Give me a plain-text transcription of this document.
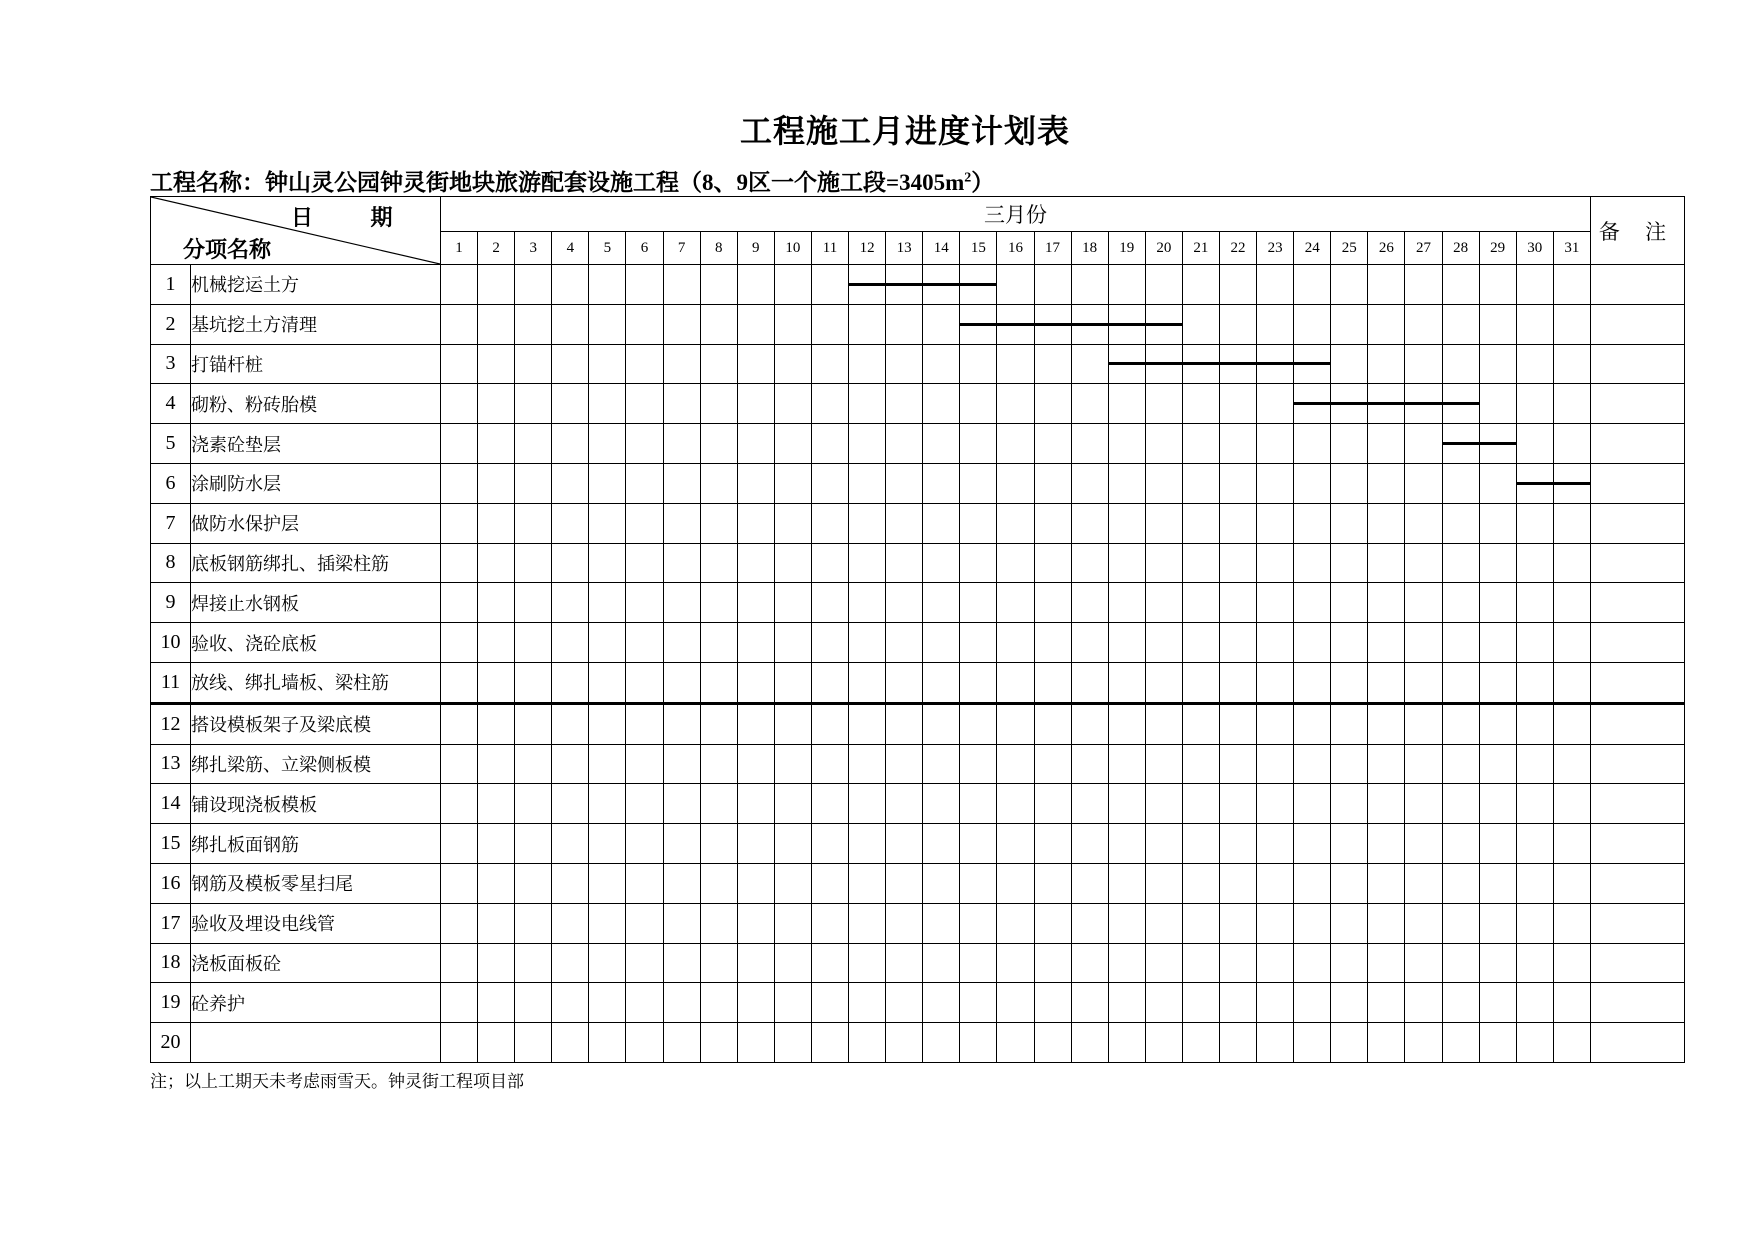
工程施工月进度计划表
工程名称：钟山灵公园钟灵街地块旅游配套设施工程（8、9区一个施工段$=3405m^2$）
日 期
分项名称		三月份																															备 注
		1	2	3	4	5	6	7	8	9	10	11	12	13	14	15	16	17	18	19	20	21	22	23	24	25	26	27	28	29	30	31	
1	机械挖运土方												

2	基坑挖土方清理															

3	打锚杆桩																			

4	砌粉、粉砖胎模																								

5	浇素砼垫层																												

6	涂刷防水层																														

7	做防水保护层																																
8	底板钢筋绑扎、插梁柱筋																																
9	焊接止水钢板																																
10	验收、浇砼底板																																
11	放线、绑扎墙板、梁柱筋																																
12	搭设模板架子及梁底模																																
13	绑扎梁筋、立梁侧板模																																
14	铺设现浇板模板																																
15	绑扎板面钢筋																																
16	钢筋及模板零星扫尾																																
17	验收及埋设电线管																																
18	浇板面板砼																																
19	砼养护																																
20																																	
注；以上工期天未考虑雨雪天。钟灵街工程项目部
